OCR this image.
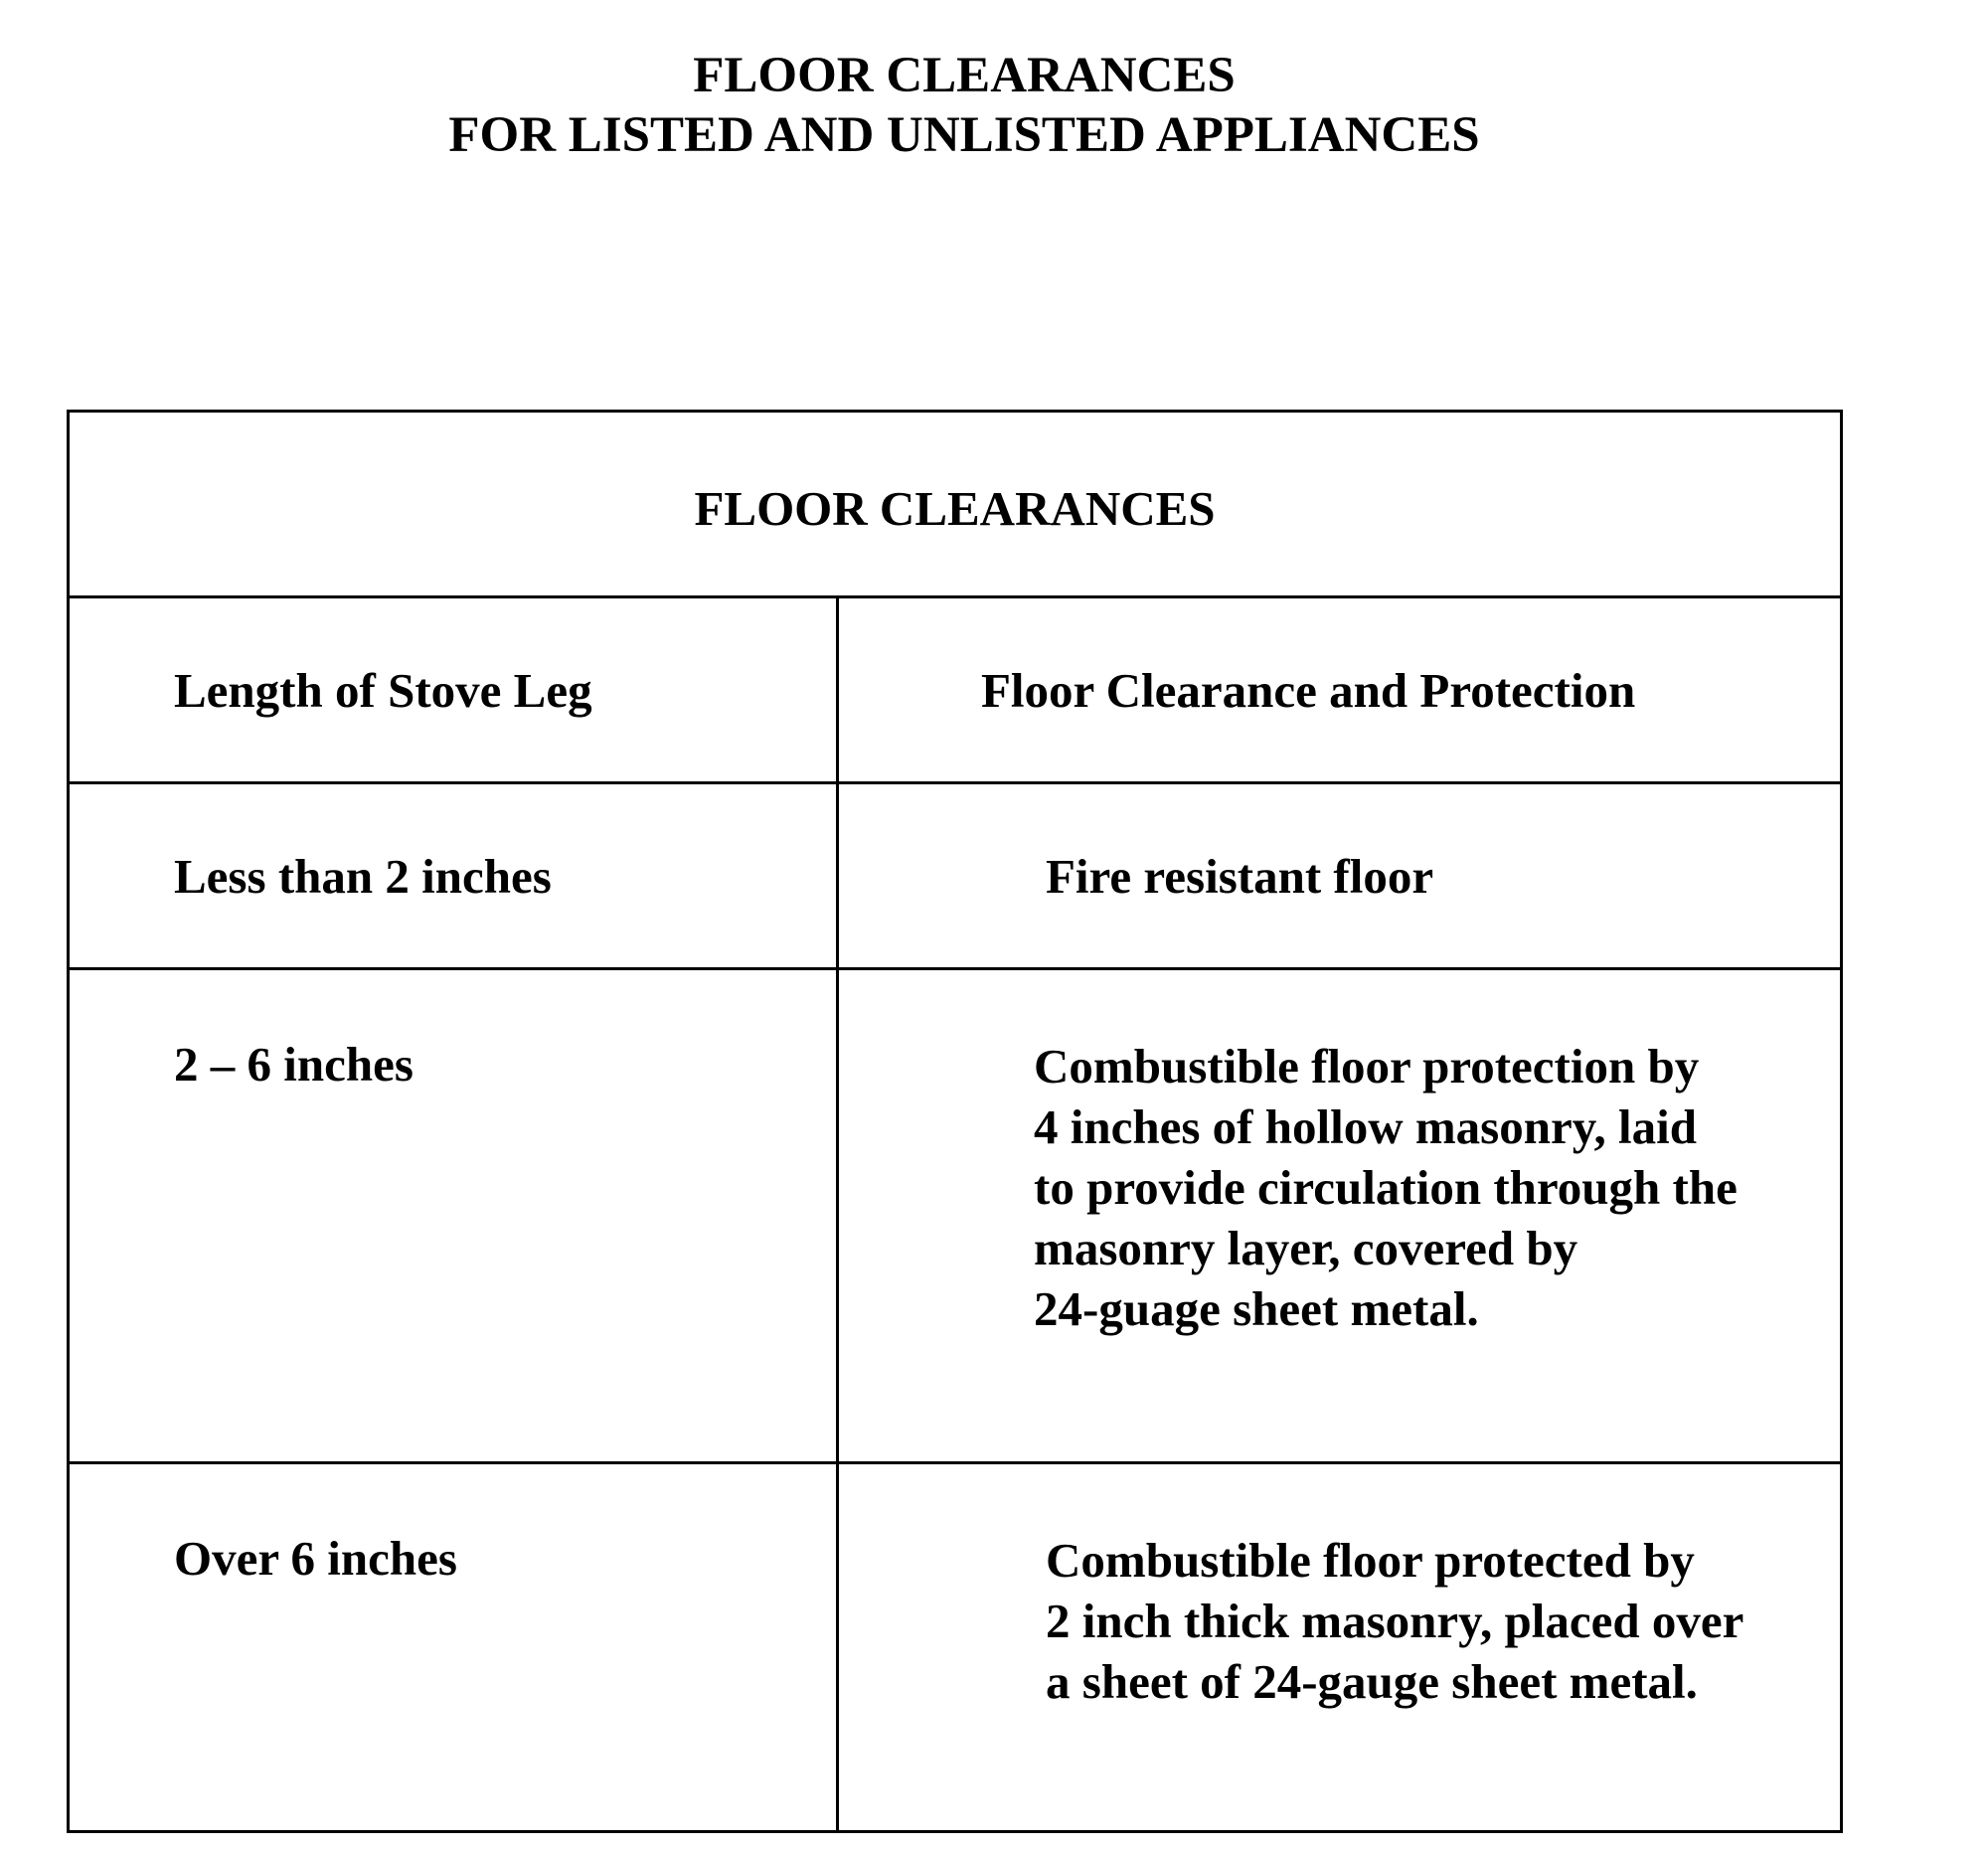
FLOOR CLEARANCES
FOR LISTED AND UNLISTED APPLIANCES
FLOOR CLEARANCES	
Length of Stove Leg	Floor Clearance and Protection
Less than 2 inches	Fire resistant floor
2 – 6 inches	Combustible floor protection by
4 inches of hollow masonry, laid
to provide circulation through the
masonry layer, covered by
24-guage sheet metal.

Over 6 inches	Combustible floor protected by
2 inch thick masonry, placed over
a sheet of 24-gauge sheet metal.
